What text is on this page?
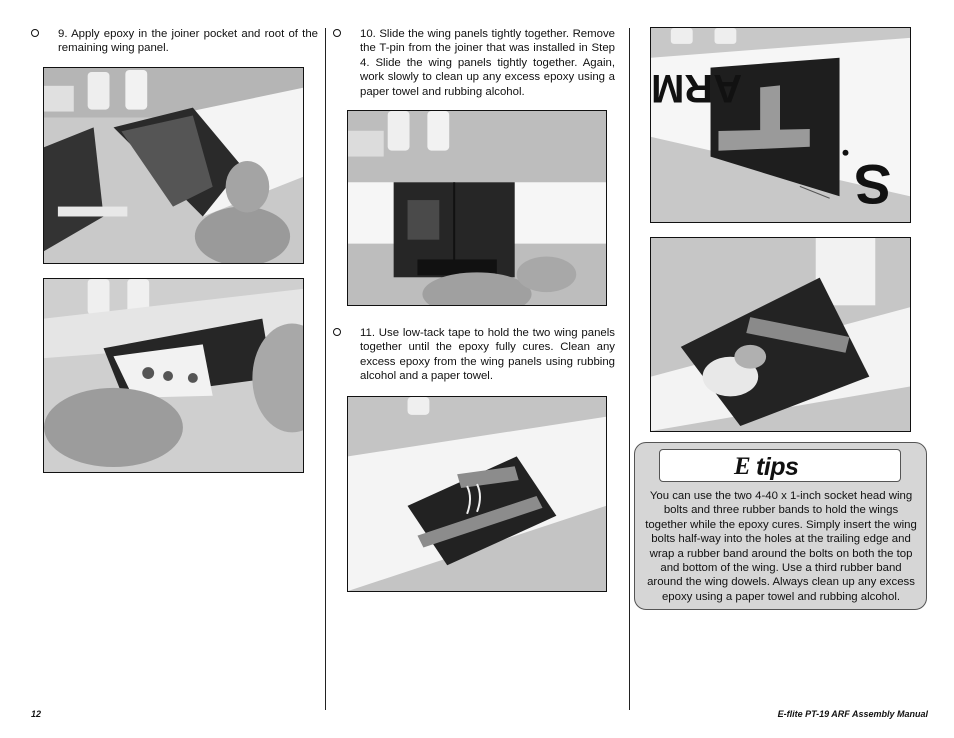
9. Apply epoxy in the joiner pocket and root of the remaining wing panel.
10. Slide the wing panels tightly together. Remove the T-pin from the joiner that was installed in Step 4. Slide the wing panels tightly together. Again, work slowly to clean up any excess epoxy using a paper towel and rubbing alcohol.
11. Use low-tack tape to hold the two wing panels together until the epoxy fully cures. Clean any excess epoxy from the wing panels using rubbing alcohol and a paper towel.
S
ARM
E tips
You can use the two 4-40 x 1-inch socket head wing bolts and three rubber bands to hold the wings together while the epoxy cures. Simply insert the wing bolts half-way into the holes at the trailing edge and wrap a rubber band around the bolts on both the top and bottom of the wing. Use a third rubber band around the wing dowels. Always clean up any excess epoxy using a paper towel and rubbing alcohol.
12	E-flite PT-19 ARF Assembly Manual
